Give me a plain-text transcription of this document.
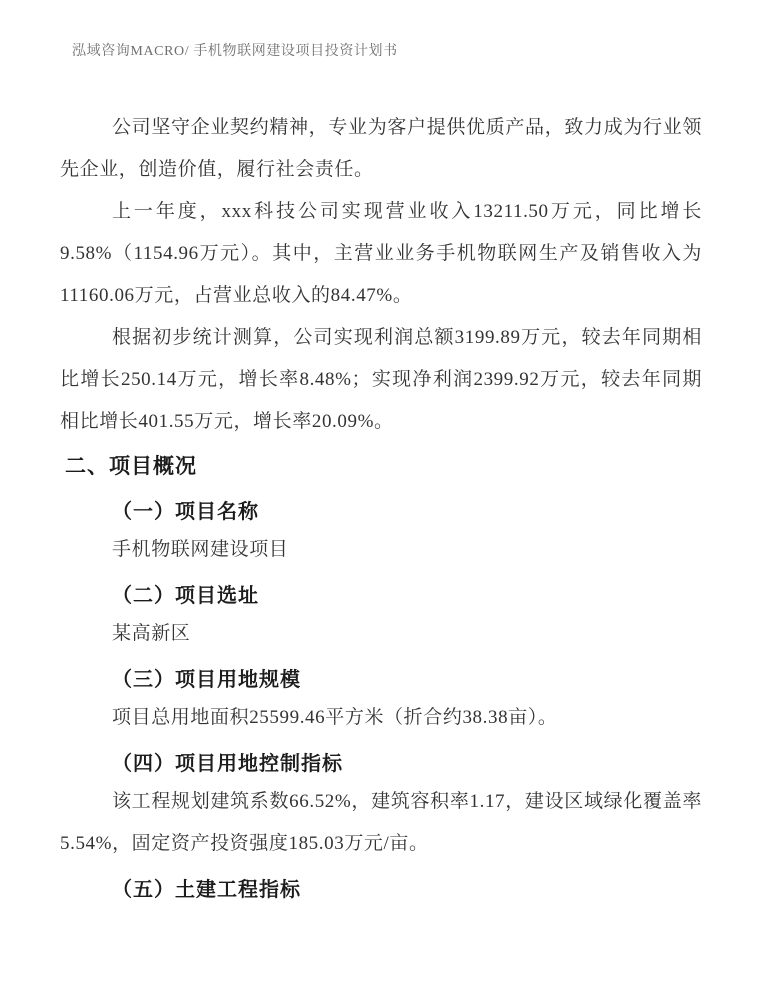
泓域咨询MACRO/ 手机物联网建设项目投资计划书

公司坚守企业契约精神，专业为客户提供优质产品，致力成为行业领先企业，创造价值，履行社会责任。

上一年度，xxx科技公司实现营业收入13211.50万元，同比增长9.58%（1154.96万元）。其中，主营业业务手机物联网生产及销售收入为11160.06万元，占营业总收入的84.47%。

根据初步统计测算，公司实现利润总额3199.89万元，较去年同期相比增长250.14万元，增长率8.48%；实现净利润2399.92万元，较去年同期相比增长401.55万元，增长率20.09%。

二、项目概况
（一）项目名称

手机物联网建设项目

（二）项目选址

某高新区

（三）项目用地规模

项目总用地面积25599.46平方米（折合约38.38亩）。

（四）项目用地控制指标

该工程规划建筑系数66.52%，建筑容积率1.17，建设区域绿化覆盖率5.54%，固定资产投资强度185.03万元/亩。

（五）土建工程指标
